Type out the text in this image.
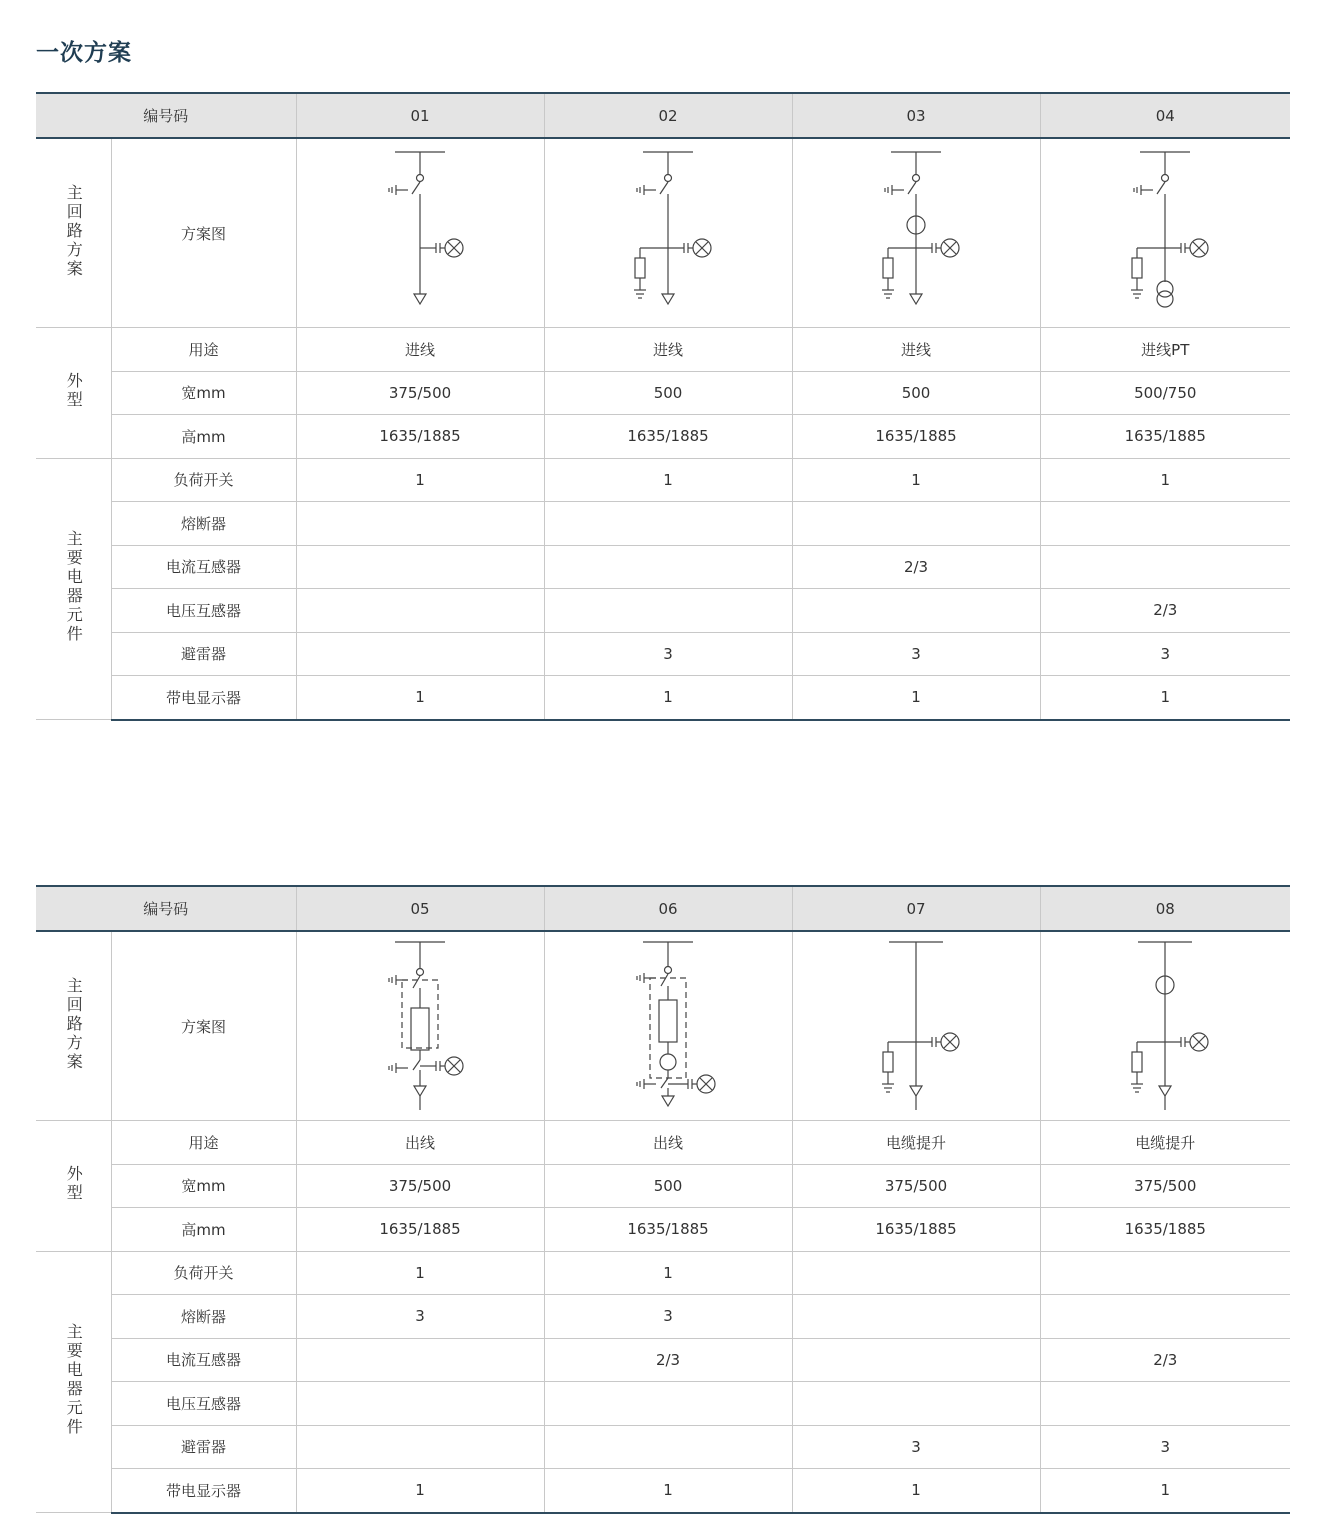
一次方案
编号码		01	02	03	04
主回路方案	方案图	

外型	用途	进线	进线	进线	进线PT
	宽mm	375/500	500	500	500/750
	高mm	1635/1885	1635/1885	1635/1885	1635/1885
主要电器元件	负荷开关	1	1	1	1
	熔断器				
	电流互感器			2/3	
	电压互感器				2/3
	避雷器		3	3	3
	带电显示器	1	1	1	1
编号码		05	06	07	08
主回路方案	方案图	

外型	用途	出线	出线	电缆提升	电缆提升
	宽mm	375/500	500	375/500	375/500
	高mm	1635/1885	1635/1885	1635/1885	1635/1885
主要电器元件	负荷开关	1	1		
	熔断器	3	3		
	电流互感器		2/3		2/3
	电压互感器				
	避雷器			3	3
	带电显示器	1	1	1	1
